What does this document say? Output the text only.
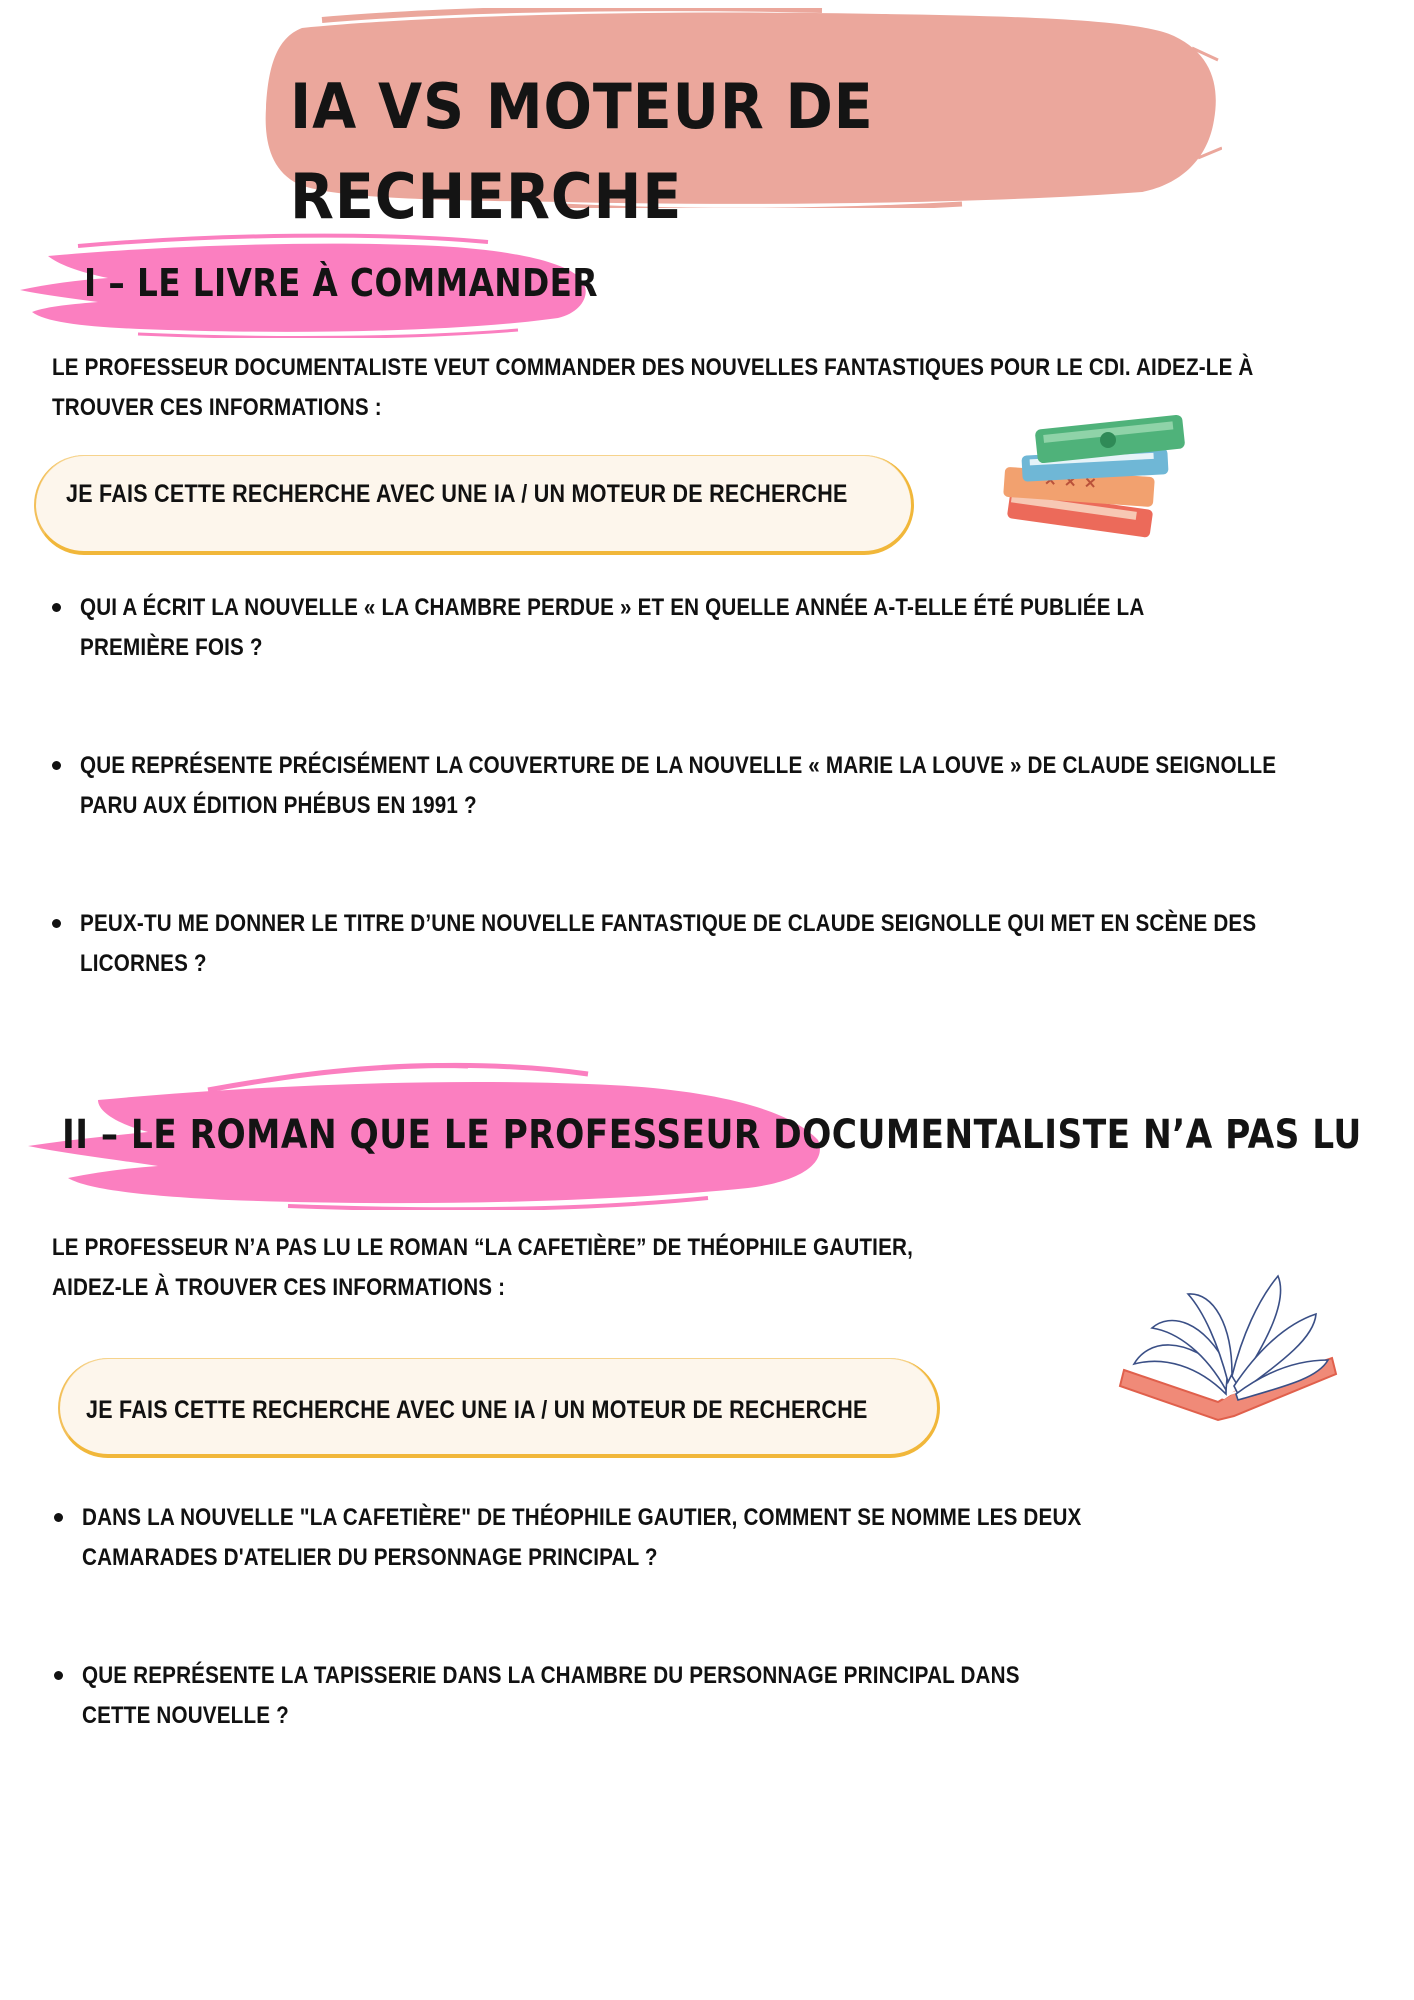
IA VS MOTEUR DE RECHERCHE
I – LE LIVRE À COMMANDER
LE PROFESSEUR DOCUMENTALISTE VEUT COMMANDER DES NOUVELLES FANTASTIQUES POUR LE CDI. AIDEZ-LE À
TROUVER CES INFORMATIONS :
JE FAIS CETTE RECHERCHE AVEC UNE IA / UN MOTEUR DE RECHERCHE
QUI A ÉCRIT LA NOUVELLE « LA CHAMBRE PERDUE » ET EN QUELLE ANNÉE A-T-ELLE ÉTÉ PUBLIÉE LA
PREMIÈRE FOIS ?
QUE REPRÉSENTE PRÉCISÉMENT LA COUVERTURE DE LA NOUVELLE « MARIE LA LOUVE » DE CLAUDE SEIGNOLLE
PARU AUX ÉDITION PHÉBUS EN 1991 ?
PEUX-TU ME DONNER LE TITRE D’UNE NOUVELLE FANTASTIQUE DE CLAUDE SEIGNOLLE QUI MET EN SCÈNE DES
LICORNES ?
II – LE ROMAN QUE LE PROFESSEUR DOCUMENTALISTE N’A PAS LU
LE PROFESSEUR N’A PAS LU LE ROMAN “LA CAFETIÈRE” DE THÉOPHILE GAUTIER,
AIDEZ-LE À TROUVER CES INFORMATIONS :
JE FAIS CETTE RECHERCHE AVEC UNE IA / UN MOTEUR DE RECHERCHE
DANS LA NOUVELLE "LA CAFETIÈRE" DE THÉOPHILE GAUTIER, COMMENT SE NOMME LES DEUX
CAMARADES D'ATELIER DU PERSONNAGE PRINCIPAL ?
QUE REPRÉSENTE LA TAPISSERIE DANS LA CHAMBRE DU PERSONNAGE PRINCIPAL DANS
CETTE NOUVELLE ?
